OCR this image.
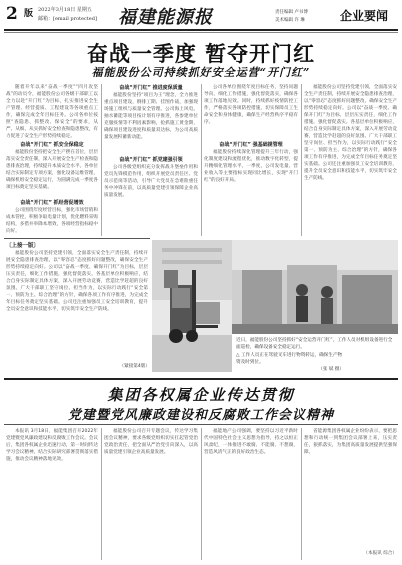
2 版 2022年3月18日 星期五
邮箱：[email protected] 福建能源报	责任编辑 卢书博
美术编辑 许 琳	企业要闻
奋战一季度 暂夺开门红
福能股份公司持续抓好安全运营“开门红”
随着开年以来“奋战一季度”“四月攻坚战”的动员令，福能股份公司各级干部职工以全力以赴“开门红”为目标，扎实推进安全生产管理、经营提质、工程建设等各项重点工作，确保完成全年目标任务。公司各单位按照“查隐患、抓整改、保安全”的要求，从严、从细、从实抓好安全检查和隐患整改，有力促进了安全生产形势持续稳定。
奋战“开门红” 抓安全保稳定
福能股份坚持把安全生产摆在首位，层层落实安全责任制，深入开展安全生产检查和隐患排查治理，持续提升本质安全水平。各单位结合实际制定专项方案，强化设备运维管理，确保机组安全稳定运行，为圆满完成一季度各项目标奠定坚实基础。
奋战“开门红” 抓经营促增效
公司围绕年度经营目标，强化市场营销和成本管控，积极争取电量计划，优化燃料采购结构，多措并举降本增效，各项经营指标稳中向好。
奋战“开门红” 推进度保质量
福能股份坚持“项目为王”理念，全力推进重点项目建设，倒排工期、挂图作战，加强现场施工组织与质量安全管理。公司海上风电、抽水蓄能等项目按计划有序推进，各参建单位克服疫情等不利因素影响，抢抓施工黄金期，确保项目建设进度和质量双达标，为公司高质量发展积蓄新动能。
奋战“开门红” 抓党建强引领
公司各级党组织充分发挥战斗堡垒作用和党员先锋模范作用，组织开展党员责任区、党员示范岗等活动，引导广大党员在急难险重任务中冲锋在前，以高质量党建引领保障企业高质量发展。
公司各单位围绕年度目标任务，坚持问题导向，细化工作措施，强化督促落实，确保各项工作落地见效。同时，持续抓好疫情防控工作，严格落实各项防控措施，切实保障员工生命安全和身体健康，确保生产经营秩序平稳有序。
奋战“开门红” 强基础提管理
福能股份持续深化管理提升三年行动，强化制度建设和流程优化，推动数字化转型，提升精细化管理水平。一季度，公司发电量、营业收入等主要指标实现同比增长，实现“开门红”的良好开局。
福能股份公司坚持党建引领，全面落实安全生产责任制，持续开展安全隐患排查治理，以“零容忍”态度抓好问题整改，确保安全生产形势持续稳定向好。公司以“奋战一季度、确保开门红”为目标，层层压实责任，细化工作措施，强化督促落实。各基层单位积极响应，结合自身实际制定具体方案，深入开展劳动竞赛，营造比学赶超的良好氛围。广大干部职工坚守岗位、担当作为，以实际行动践行“安全第一、预防为主、综合治理”的方针，确保各项工作有序推进，为完成全年目标任务奠定坚实基础。公司还注重加强员工安全培训教育，提升全员安全意识和技能水平，切实筑牢安全生产防线。
〔上接一版〕
福能股份公司坚持党建引领，全面落实安全生产责任制，持续开展安全隐患排查治理，以“零容忍”态度抓好问题整改，确保安全生产形势持续稳定向好。公司以“奋战一季度、确保开门红”为目标，层层压实责任，细化工作措施，强化督促落实。各基层单位积极响应，结合自身实际制定具体方案，深入开展劳动竞赛，营造比学赶超的良好氛围。广大干部职工坚守岗位、担当作为，以实际行动践行“安全第一、预防为主、综合治理”的方针，确保各项工作有序推进，为完成全年目标任务奠定坚实基础。公司还注重加强员工安全培训教育，提升全员安全意识和技能水平，切实筑牢安全生产防线。
（紧接第4版）
△ 工作人员正在驾驶叉车进行物资转运，确保生产物资及时到位。
（张 斌 摄）
近日，福能股份公司坚持抓好“安全运营开门红”，工作人员对机组设备进行全面巡检，确保设备安全稳定运行。
集团各权属企业传达贯彻
党建暨党风廉政建设和反腐败工作会议精神
本报讯 3月18日，福能集团召开2022年党建暨党风廉政建设和反腐败工作会议。会议后，集团各权属企业迅速行动，第一时间传达学习会议精神，结合实际研究部署贯彻落实措施，推动会议精神落地见效。
福能股份公司召开专题会议，传达学习集团会议精神，要求各级党组织切实扛起管党治党政治责任，把全面从严治党引向深入，以高质量党建引领企业高质量发展。
福能地产公司强调，要坚持以习近平新时代中国特色社会主义思想为指导，持之以恒正风肃纪，一体推进不敢腐、不能腐、不想腐，营造风清气正的良好政治生态。
省能源集团各权属企业纷纷表示，要把思想和行动统一到集团会议部署上来，压实责任，狠抓落实，为集团高质量发展提供坚强保障。
（本报讯 综合）
